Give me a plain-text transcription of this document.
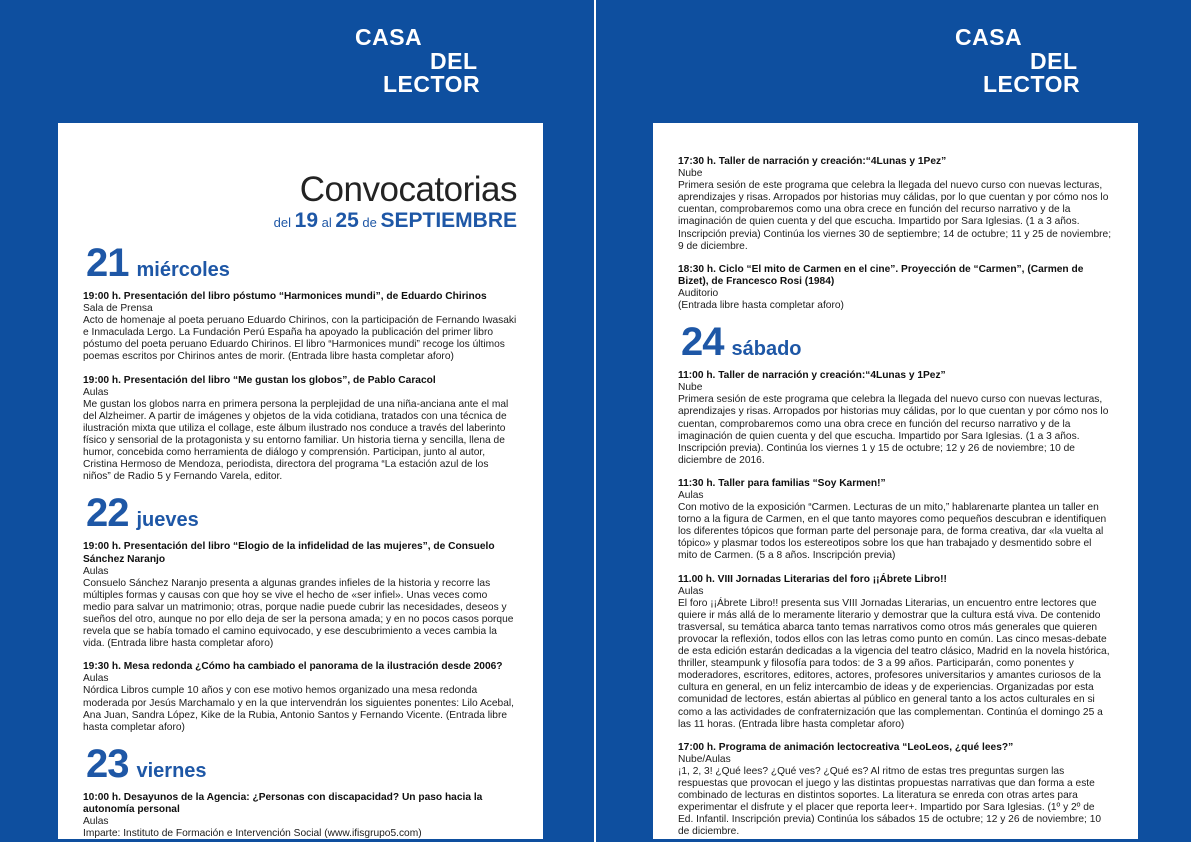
CASA
DEL
LECTOR
CASA
DEL
LECTOR
Convocatorias
del 19 al 25 de SEPTIEMBRE
21 miércoles
19:00 h. Presentación del libro póstumo “Harmonices mundi”, de Eduardo Chirinos
Sala de Prensa
Acto de homenaje al poeta peruano Eduardo Chirinos, con la participación de Fernando Iwasaki e Inmaculada Lergo. La Fundación Perú España ha apoyado la publicación del primer libro póstumo del poeta peruano Eduardo Chirinos. El libro “Harmonices mundi” recoge los últimos poemas escritos por Chirinos antes de morir. (Entrada libre hasta completar aforo)
19:00 h. Presentación del libro “Me gustan los globos”, de Pablo Caracol
Aulas
Me gustan los globos narra en primera persona la perplejidad de una niña-anciana ante el mal del Alzheimer. A partir de imágenes y objetos de la vida cotidiana, tratados con una técnica de ilustración mixta que utiliza el collage, este álbum ilustrado nos conduce a través del laberinto físico y sensorial de la protagonista y su entorno familiar. Un historia tierna y sencilla, llena de humor, concebida como herramienta de diálogo y comprensión. Participan, junto al autor, Cristina Hermoso de Mendoza, periodista, directora del programa “La estación azul de los niños” de Radio 5 y Fernando Varela, editor.
22 jueves
19:00 h. Presentación del libro “Elogio de la infidelidad de las mujeres”, de Consuelo Sánchez Naranjo
Aulas
Consuelo Sánchez Naranjo presenta a algunas grandes infieles de la historia y recorre las múltiples formas y causas con que hoy se vive el hecho de «ser infiel». Unas veces como medio para salvar un matrimonio; otras, porque nadie puede cubrir las necesidades, deseos y sueños del otro, aunque no por ello deja de ser la persona amada; y en no pocos casos porque revela que se había tomado el camino equivocado, y ese descubrimiento a veces cambia la vida. (Entrada libre hasta completar aforo)
19:30 h. Mesa redonda ¿Cómo ha cambiado el panorama de la ilustración desde 2006?
Aulas
Nórdica Libros cumple 10 años y con ese motivo hemos organizado una mesa redonda moderada por Jesús Marchamalo y en la que intervendrán los siguientes ponentes: Lilo Acebal, Ana Juan, Sandra López, Kike de la Rubia, Antonio Santos y Fernando Vicente. (Entrada libre hasta completar aforo)
23 viernes
10:00 h. Desayunos de la Agencia: ¿Personas con discapacidad? Un paso hacia la autonomía personal
Aulas
Imparte: Instituto de Formación e Intervención Social (www.ifisgrupo5.com)
17:30 h. Taller de narración y creación:“4Lunas y 1Pez”
Nube
Primera sesión de este programa que celebra la llegada del nuevo curso con nuevas lecturas, aprendizajes y risas. Arropados por historias muy cálidas, por lo que cuentan y por cómo nos lo cuentan, comprobaremos como una obra crece en función del recurso narrativo y de la imaginación de quien cuenta y del que escucha. Impartido por Sara Iglesias. (1 a 3 años. Inscripción previa) Continúa los viernes 30 de septiembre; 14 de octubre; 11 y 25 de noviembre; 9 de diciembre.
18:30 h. Ciclo “El mito de Carmen en el cine”. Proyección de “Carmen”, (Carmen de Bizet), de Francesco Rosi (1984)
Auditorio
(Entrada libre hasta completar aforo)
24 sábado
11:00 h. Taller de narración y creación:“4Lunas y 1Pez”
Nube
Primera sesión de este programa que celebra la llegada del nuevo curso con nuevas lecturas, aprendizajes y risas. Arropados por historias muy cálidas, por lo que cuentan y por cómo nos lo cuentan, comprobaremos como una obra crece en función del recurso narrativo y de la imaginación de quien cuenta y del que escucha. Impartido por Sara Iglesias. (1 a 3 años. Inscripción previa). Continúa los viernes 1 y 15 de octubre; 12 y 26 de noviembre; 10 de diciembre de 2016.
11:30 h. Taller para familias “Soy Karmen!”
Aulas
Con motivo de la exposición “Carmen. Lecturas de un mito,” hablarenarte plantea un taller en torno a la figura de Carmen, en el que tanto mayores como pequeños descubran e identifiquen los diferentes tópicos que forman parte del personaje para, de forma creativa, dar «la vuelta al tópico» y plasmar todos los estereotipos sobre los que han trabajado y desmentido sobre el mito de Carmen. (5 a 8 años. Inscripción previa)
11.00 h. VIII Jornadas Literarias del foro ¡¡Ábrete Libro!!
Aulas
El foro ¡¡Ábrete Libro!! presenta sus VIII Jornadas Literarias, un encuentro entre lectores que quiere ir más allá de lo meramente literario y demostrar que la cultura está viva. De contenido trasversal, su temática abarca tanto temas narrativos como otros más generales que quieren provocar la reflexión, todos ellos con las letras como punto en común. Las cinco mesas-debate de esta edición estarán dedicadas a la vigencia del teatro clásico, Madrid en la novela histórica, thriller, steampunk y filosofía para todos: de 3 a 99 años. Participarán, como ponentes y moderadores, escritores, editores, actores, profesores universitarios y amantes curiosos de la cultura en general, en un feliz intercambio de ideas y de experiencias. Organizadas por esta comunidad de lectores, están abiertas al público en general tanto a los actos culturales en si como a las actividades de confraternización que las complementan. Continúa el domingo 25 a las 11 horas. (Entrada libre hasta completar aforo)
17:00 h. Programa de animación lectocreativa “LeoLeos, ¿qué lees?”
Nube/Aulas
¡1, 2, 3! ¿Qué lees? ¿Qué ves? ¿Qué es? Al ritmo de estas tres preguntas surgen las respuestas que provocan el juego y las distintas propuestas narrativas que dan forma a este combinado de lecturas en distintos soportes. La literatura se enreda con otras artes para experimentar el disfrute y el placer que reporta leer+. Impartido por Sara Iglesias. (1º y 2º de Ed. Infantil. Inscripción previa) Continúa los sábados 15 de octubre; 12 y 26 de noviembre; 10 de diciembre.
